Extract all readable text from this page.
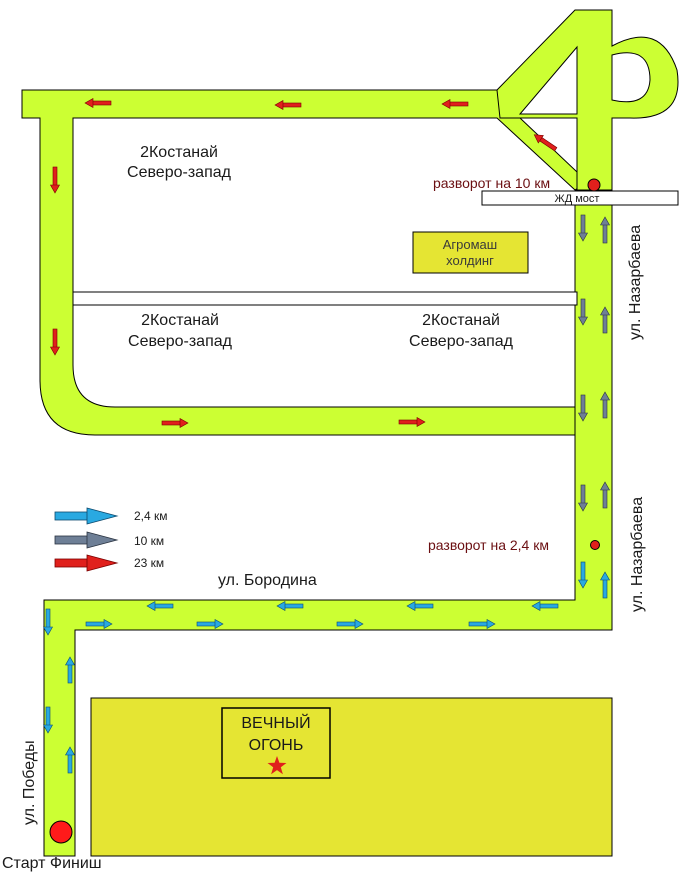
ВЕЧНЫЙ
ОГОНЬ
Агромаш
холдинг
ЖД мост
2Костанай
Северо-запад
2Костанай
Северо-запад
2Костанай
Северо-запад
разворот на 10 км
разворот на 2,4 км
ул. Назарбаева
ул. Назарбаева
ул. Бородина
ул. Победы
Старт Финиш
2,4 км
10 км
23 км
